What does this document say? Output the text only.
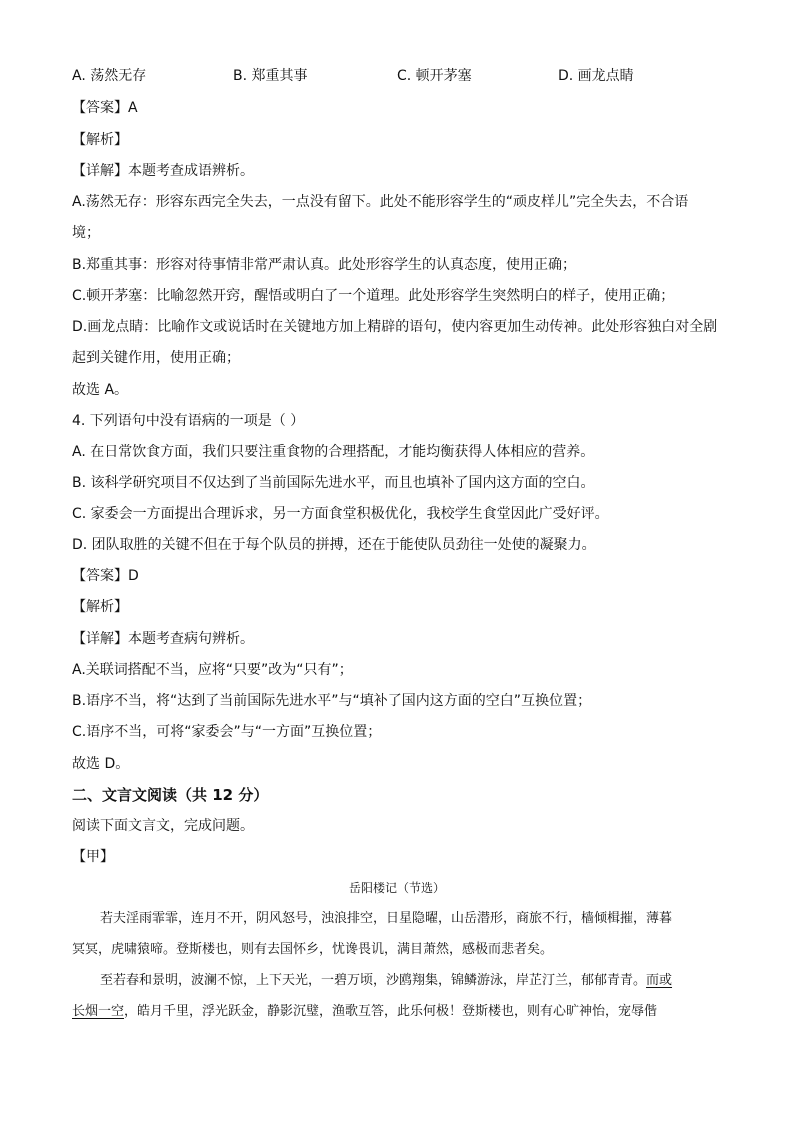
A. 荡然无存	B. 郑重其事	C. 顿开茅塞	D. 画龙点睛
【答案】A
【解析】
【详解】本题考查成语辨析。
A.荡然无存：形容东西完全失去，一点没有留下。此处不能形容学生的“顽皮样儿”完全失去，不合语
境；
B.郑重其事：形容对待事情非常严肃认真。此处形容学生的认真态度，使用正确；
C.顿开茅塞：比喻忽然开窍，醒悟或明白了一个道理。此处形容学生突然明白的样子，使用正确；
D.画龙点睛：比喻作文或说话时在关键地方加上精辟的语句，使内容更加生动传神。此处形容独白对全剧
起到关键作用，使用正确；
故选 A。
4. 下列语句中没有语病的一项是（ ）
A. 在日常饮食方面，我们只要注重食物的合理搭配，才能均衡获得人体相应的营养。
B. 该科学研究项目不仅达到了当前国际先进水平，而且也填补了国内这方面的空白。
C. 家委会一方面提出合理诉求，另一方面食堂积极优化，我校学生食堂因此广受好评。
D. 团队取胜的关键不但在于每个队员的拼搏，还在于能使队员劲往一处使的凝聚力。
【答案】D
【解析】
【详解】本题考查病句辨析。
A.关联词搭配不当，应将“只要”改为“只有”；
B.语序不当，将“达到了当前国际先进水平”与“填补了国内这方面的空白”互换位置；
C.语序不当，可将“家委会”与“一方面”互换位置；
故选 D。
二、文言文阅读（共 12 分）
阅读下面文言文，完成问题。
【甲】
岳阳楼记（节选）
若夫淫雨霏霏，连月不开，阴风怒号，浊浪排空，日星隐曜，山岳潜形，商旅不行，樯倾楫摧，薄暮
冥冥，虎啸猿啼。登斯楼也，则有去国怀乡，忧谗畏讥，满目萧然，感极而悲者矣。
至若春和景明，波澜不惊，上下天光，一碧万顷，沙鸥翔集，锦鳞游泳，岸芷汀兰，郁郁青青。而或
长烟一空，皓月千里，浮光跃金，静影沉璧，渔歌互答，此乐何极！登斯楼也，则有心旷神怡，宠辱偕
